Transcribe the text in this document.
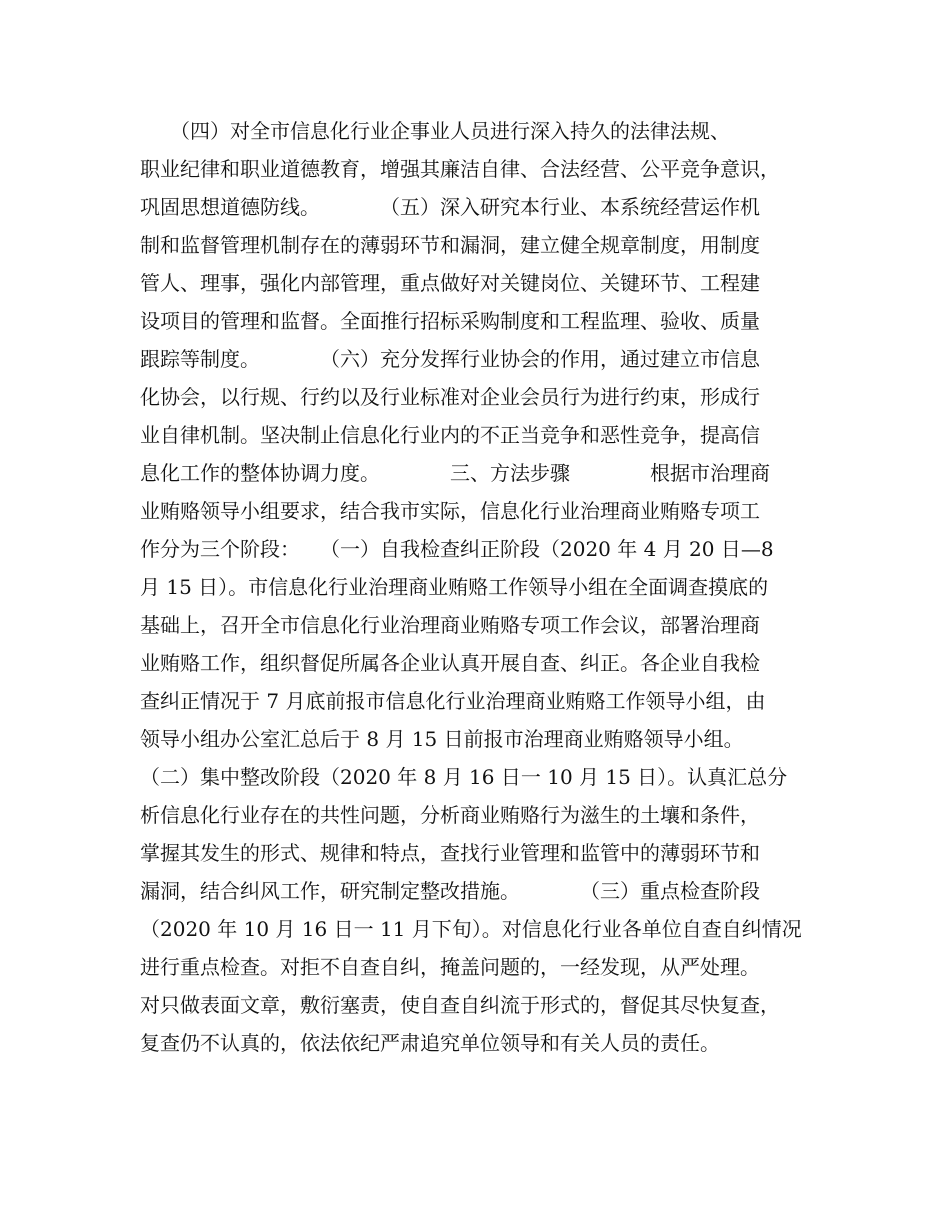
　　（四）对全市信息化行业企事业人员进行深入持久的法律法规、
职业纪律和职业道德教育，增强其廉洁自律、合法经营、公平竞争意识，
巩固思想道德防线。　　　　（五）深入研究本行业、本系统经营运作机
制和监督管理机制存在的薄弱环节和漏洞，建立健全规章制度，用制度
管人、理事，强化内部管理，重点做好对关键岗位、关键环节、工程建
设项目的管理和监督。全面推行招标采购制度和工程监理、验收、质量
跟踪等制度。　　　　（六）充分发挥行业协会的作用，通过建立市信息
化协会，以行规、行约以及行业标准对企业会员行为进行约束，形成行
业自律机制。坚决制止信息化行业内的不正当竞争和恶性竞争，提高信
息化工作的整体协调力度。　　　　三、方法步骤　　　　根据市治理商
业贿赂领导小组要求，结合我市实际，信息化行业治理商业贿赂专项工
作分为三个阶段：　　（一）自我检查纠正阶段（2020 年 4 月 20 日—8
月 15 日）。市信息化行业治理商业贿赂工作领导小组在全面调查摸底的
基础上，召开全市信息化行业治理商业贿赂专项工作会议，部署治理商
业贿赂工作，组织督促所属各企业认真开展自查、纠正。各企业自我检
查纠正情况于 7 月底前报市信息化行业治理商业贿赂工作领导小组，由
领导小组办公室汇总后于 8 月 15 日前报市治理商业贿赂领导小组。
（二）集中整改阶段（2020 年 8 月 16 日一 10 月 15 日）。认真汇总分
析信息化行业存在的共性问题，分析商业贿赂行为滋生的土壤和条件，
掌握其发生的形式、规律和特点，查找行业管理和监管中的薄弱环节和
漏洞，结合纠风工作，研究制定整改措施。　　　　（三）重点检查阶段
（2020 年 10 月 16 日一 11 月下旬）。对信息化行业各单位自查自纠情况
进行重点检查。对拒不自查自纠，掩盖问题的，一经发现，从严处理。
对只做表面文章，敷衍塞责，使自查自纠流于形式的，督促其尽快复查，
复查仍不认真的，依法依纪严肃追究单位领导和有关人员的责任。
